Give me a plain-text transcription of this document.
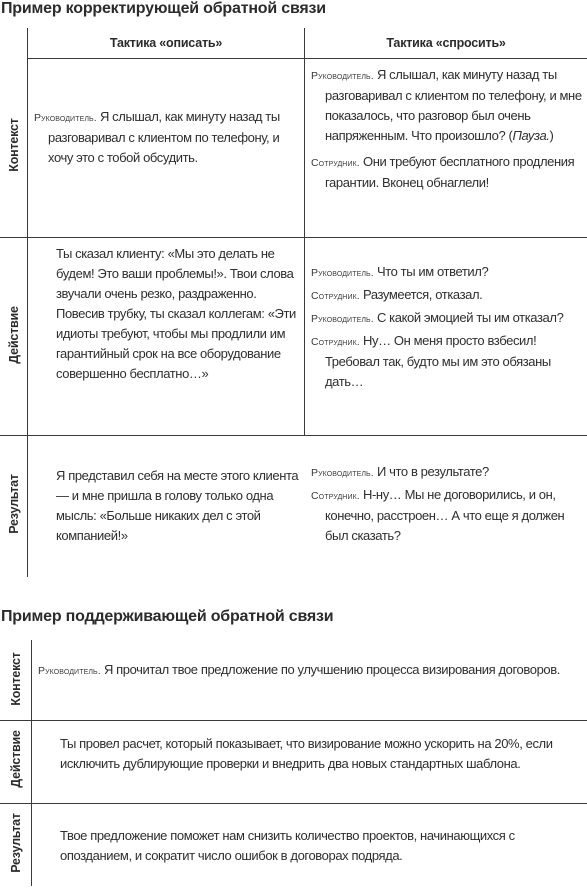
Пример корректирующей обратной связи
Тактика «описать»	Тактика «спросить»
Контекст
Действие
Результат

Руководитель. Я слышал, как минуту назад ты разговаривал с клиентом по телефону, и хочу это с тобой обсудить.

Руководитель. Я слышал, как минуту назад ты разговаривал с клиентом по телефону, и мне показалось, что разговор был очень напряженным. Что произошло? (Пауза.)

Сотрудник. Они требуют бесплатного продления гарантии. Вконец обнаглели!

Ты сказал клиенту: «Мы это делать не будем! Это ваши проблемы!». Твои слова звучали очень резко, раздраженно. Повесив трубку, ты сказал коллегам: «Эти идиоты требуют, чтобы мы продлили им гарантийный срок на все оборудование совершенно бесплатно…»

Руководитель. Что ты им ответил?

Сотрудник. Разумеется, отказал.

Руководитель. С какой эмоцией ты им отказал?

Сотрудник. Ну… Он меня просто взбесил! Требовал так, будто мы им это обязаны дать…

Я представил себя на месте этого клиента — и мне пришла в голову только одна мысль: «Больше никаких дел с этой компанией!»

Руководитель. И что в результате?

Сотрудник. Н-ну… Мы не договорились, и он, конечно, расстроен… А что еще я должен был сказать?

Пример поддерживающей обратной связи
Контекст
Действие
Результат

Руководитель. Я прочитал твое предложение по улучшению процесса визирования договоров.

Ты провел расчет, который показывает, что визирование можно ускорить на 20%, если исключить дублирующие проверки и внедрить два новых стандартных шаблона.

Твое предложение поможет нам снизить количество проектов, начинающихся с опозданием, и сократит число ошибок в договорах подряда.
